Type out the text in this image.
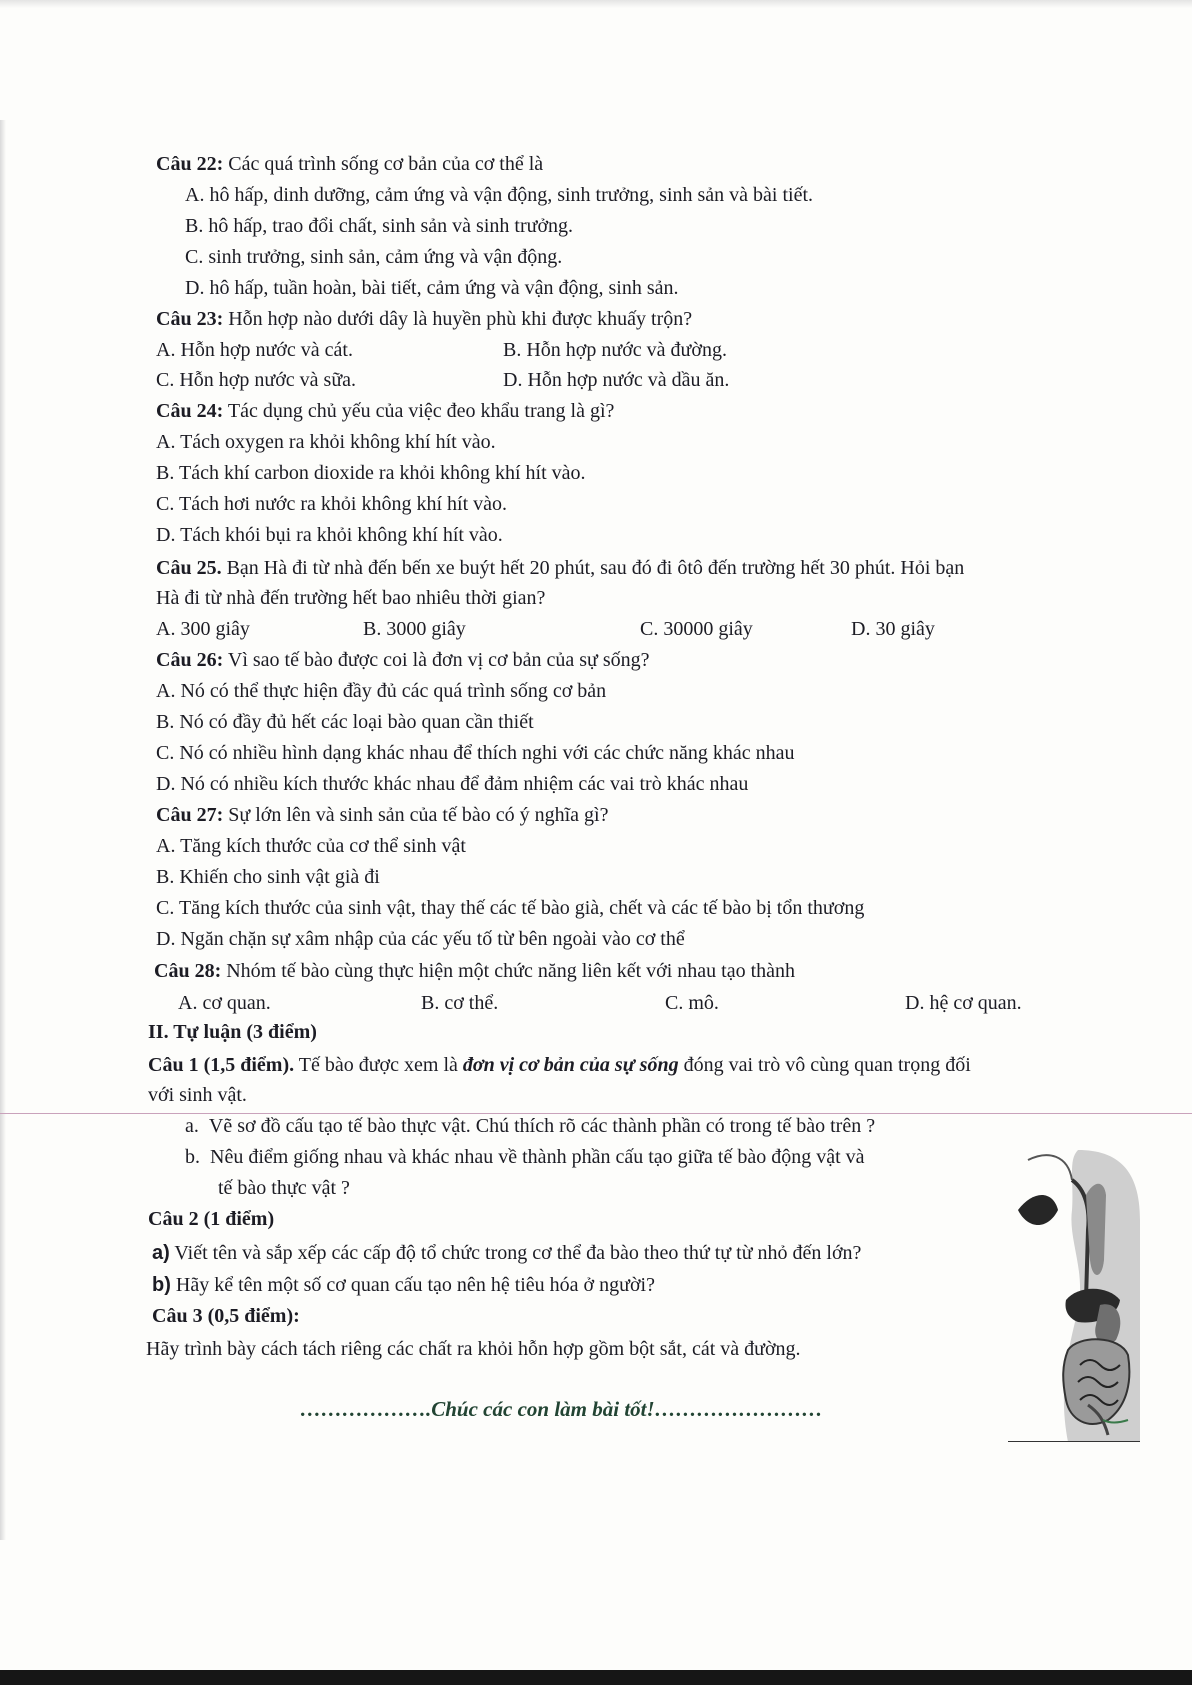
Câu 22: Các quá trình sống cơ bản của cơ thể là
A. hô hấp, dinh dưỡng, cảm ứng và vận động, sinh trưởng, sinh sản và bài tiết.
B. hô hấp, trao đổi chất, sinh sản và sinh trưởng.
C. sinh trưởng, sinh sản, cảm ứng và vận động.
D. hô hấp, tuần hoàn, bài tiết, cảm ứng và vận động, sinh sản.
Câu 23: Hỗn hợp nào dưới dây là huyền phù khi được khuấy trộn?
A. Hỗn hợp nước và cát.	B. Hỗn hợp nước và đường.
C. Hỗn hợp nước và sữa.	D. Hỗn hợp nước và dầu ăn.
Câu 24: Tác dụng chủ yếu của việc đeo khẩu trang là gì?
A. Tách oxygen ra khỏi không khí hít vào.
B. Tách khí carbon dioxide ra khỏi không khí hít vào.
C. Tách hơi nước ra khỏi không khí hít vào.
D. Tách khói bụi ra khỏi không khí hít vào.
Câu 25. Bạn Hà đi từ nhà đến bến xe buýt hết 20 phút, sau đó đi ôtô đến trường hết 30 phút. Hỏi bạn
Hà đi từ nhà đến trường hết bao nhiêu thời gian?
A. 300 giây	B. 3000 giây	C. 30000 giây	D. 30 giây
Câu 26: Vì sao tế bào được coi là đơn vị cơ bản của sự sống?
A. Nó có thể thực hiện đầy đủ các quá trình sống cơ bản
B. Nó có đầy đủ hết các loại bào quan cần thiết
C. Nó có nhiều hình dạng khác nhau để thích nghi với các chức năng khác nhau
D. Nó có nhiều kích thước khác nhau để đảm nhiệm các vai trò khác nhau
Câu 27: Sự lớn lên và sinh sản của tế bào có ý nghĩa gì?
A. Tăng kích thước của cơ thể sinh vật
B. Khiến cho sinh vật già đi
C. Tăng kích thước của sinh vật, thay thế các tế bào già, chết và các tế bào bị tổn thương
D. Ngăn chặn sự xâm nhập của các yếu tố từ bên ngoài vào cơ thể
Câu 28: Nhóm tế bào cùng thực hiện một chức năng liên kết với nhau tạo thành
A. cơ quan.	B. cơ thể.	C. mô.	D. hệ cơ quan.
II. Tự luận (3 điểm)
Câu 1 (1,5 điểm). Tế bào được xem là đơn vị cơ bản của sự sống đóng vai trò vô cùng quan trọng đối
với sinh vật.
a. Vẽ sơ đồ cấu tạo tế bào thực vật. Chú thích rõ các thành phần có trong tế bào trên ?
b. Nêu điểm giống nhau và khác nhau về thành phần cấu tạo giữa tế bào động vật và
tế bào thực vật ?
Câu 2 (1 điểm)
a) Viết tên và sắp xếp các cấp độ tổ chức trong cơ thể đa bào theo thứ tự từ nhỏ đến lớn?
b) Hãy kể tên một số cơ quan cấu tạo nên hệ tiêu hóa ở người?
Câu 3 (0,5 điểm):
Hãy trình bày cách tách riêng các chất ra khỏi hỗn hợp gồm bột sắt, cát và đường.
……………….Chúc các con làm bài tốt!……………………
